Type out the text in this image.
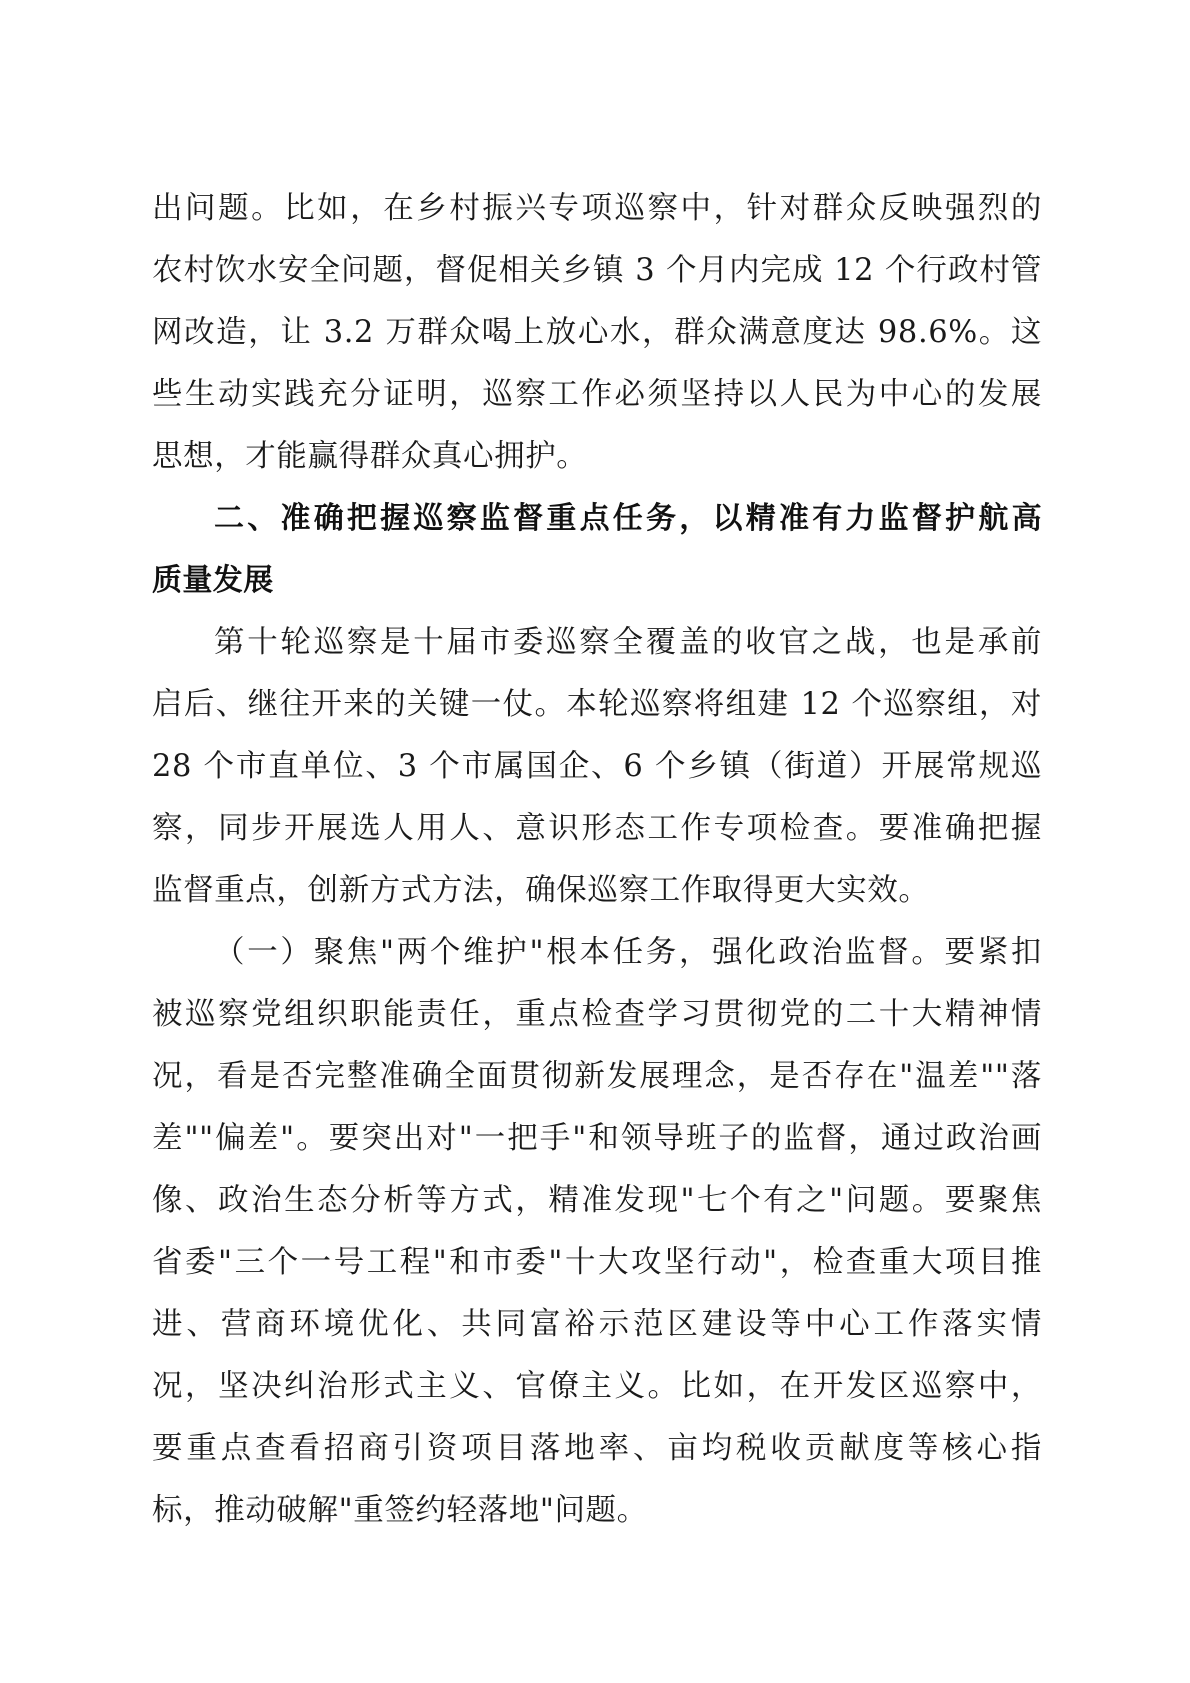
出问题。比如，在乡村振兴专项巡察中，针对群众反映强烈的
农村饮水安全问题，督促相关乡镇 3 个月内完成 12 个行政村管
网改造，让 3.2 万群众喝上放心水，群众满意度达 98.6%。这
些生动实践充分证明，巡察工作必须坚持以人民为中心的发展
思想，才能赢得群众真心拥护。
二、准确把握巡察监督重点任务，以精准有力监督护航高
质量发展
第十轮巡察是十届市委巡察全覆盖的收官之战，也是承前
启后、继往开来的关键一仗。本轮巡察将组建 12 个巡察组，对
28 个市直单位、3 个市属国企、6 个乡镇（街道）开展常规巡
察，同步开展选人用人、意识形态工作专项检查。要准确把握
监督重点，创新方式方法，确保巡察工作取得更大实效。
（一）聚焦"两个维护"根本任务，强化政治监督。要紧扣
被巡察党组织职能责任，重点检查学习贯彻党的二十大精神情
况，看是否完整准确全面贯彻新发展理念，是否存在"温差""落
差""偏差"。要突出对"一把手"和领导班子的监督，通过政治画
像、政治生态分析等方式，精准发现"七个有之"问题。要聚焦
省委"三个一号工程"和市委"十大攻坚行动"，检查重大项目推
进、营商环境优化、共同富裕示范区建设等中心工作落实情
况，坚决纠治形式主义、官僚主义。比如，在开发区巡察中，
要重点查看招商引资项目落地率、亩均税收贡献度等核心指
标，推动破解"重签约轻落地"问题。
